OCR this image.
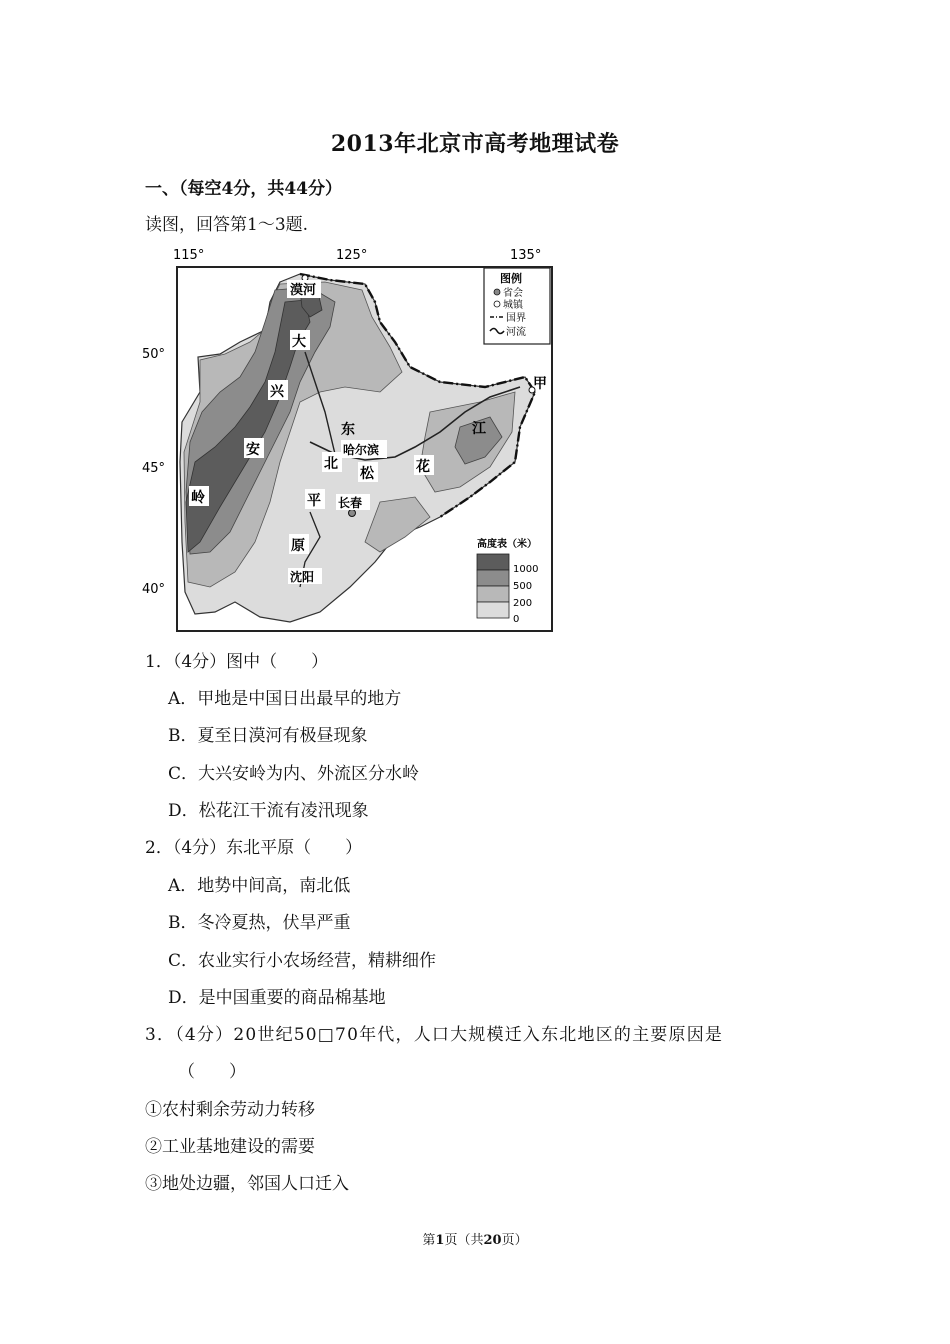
2013年北京市高考地理试卷
一、（每空4分，共44分）
读图，回答第1～3题.
115°	125°	135°
50°
45°
40°
漠河
哈尔滨
长春
沈阳
甲
大
兴
安
岭
东
北
平
原
松	花
江
图例
省会
城镇
国界
河流
高度表（米）
1000
500
200
0
1．（4分）图中（　　）
A．甲地是中国日出最早的地方
B．夏至日漠河有极昼现象
C．大兴安岭为内、外流区分水岭
D．松花江干流有凌汛现象
2．（4分）东北平原（　　）
A．地势中间高，南北低
B．冬冷夏热，伏旱严重
C．农业实行小农场经营，精耕细作
D．是中国重要的商品棉基地
3．（4分）20世纪50□70年代，人口大规模迁入东北地区的主要原因是
（　　）
①农村剩余劳动力转移
②工业基地建设的需要
③地处边疆，邻国人口迁入
第1页（共20页）
